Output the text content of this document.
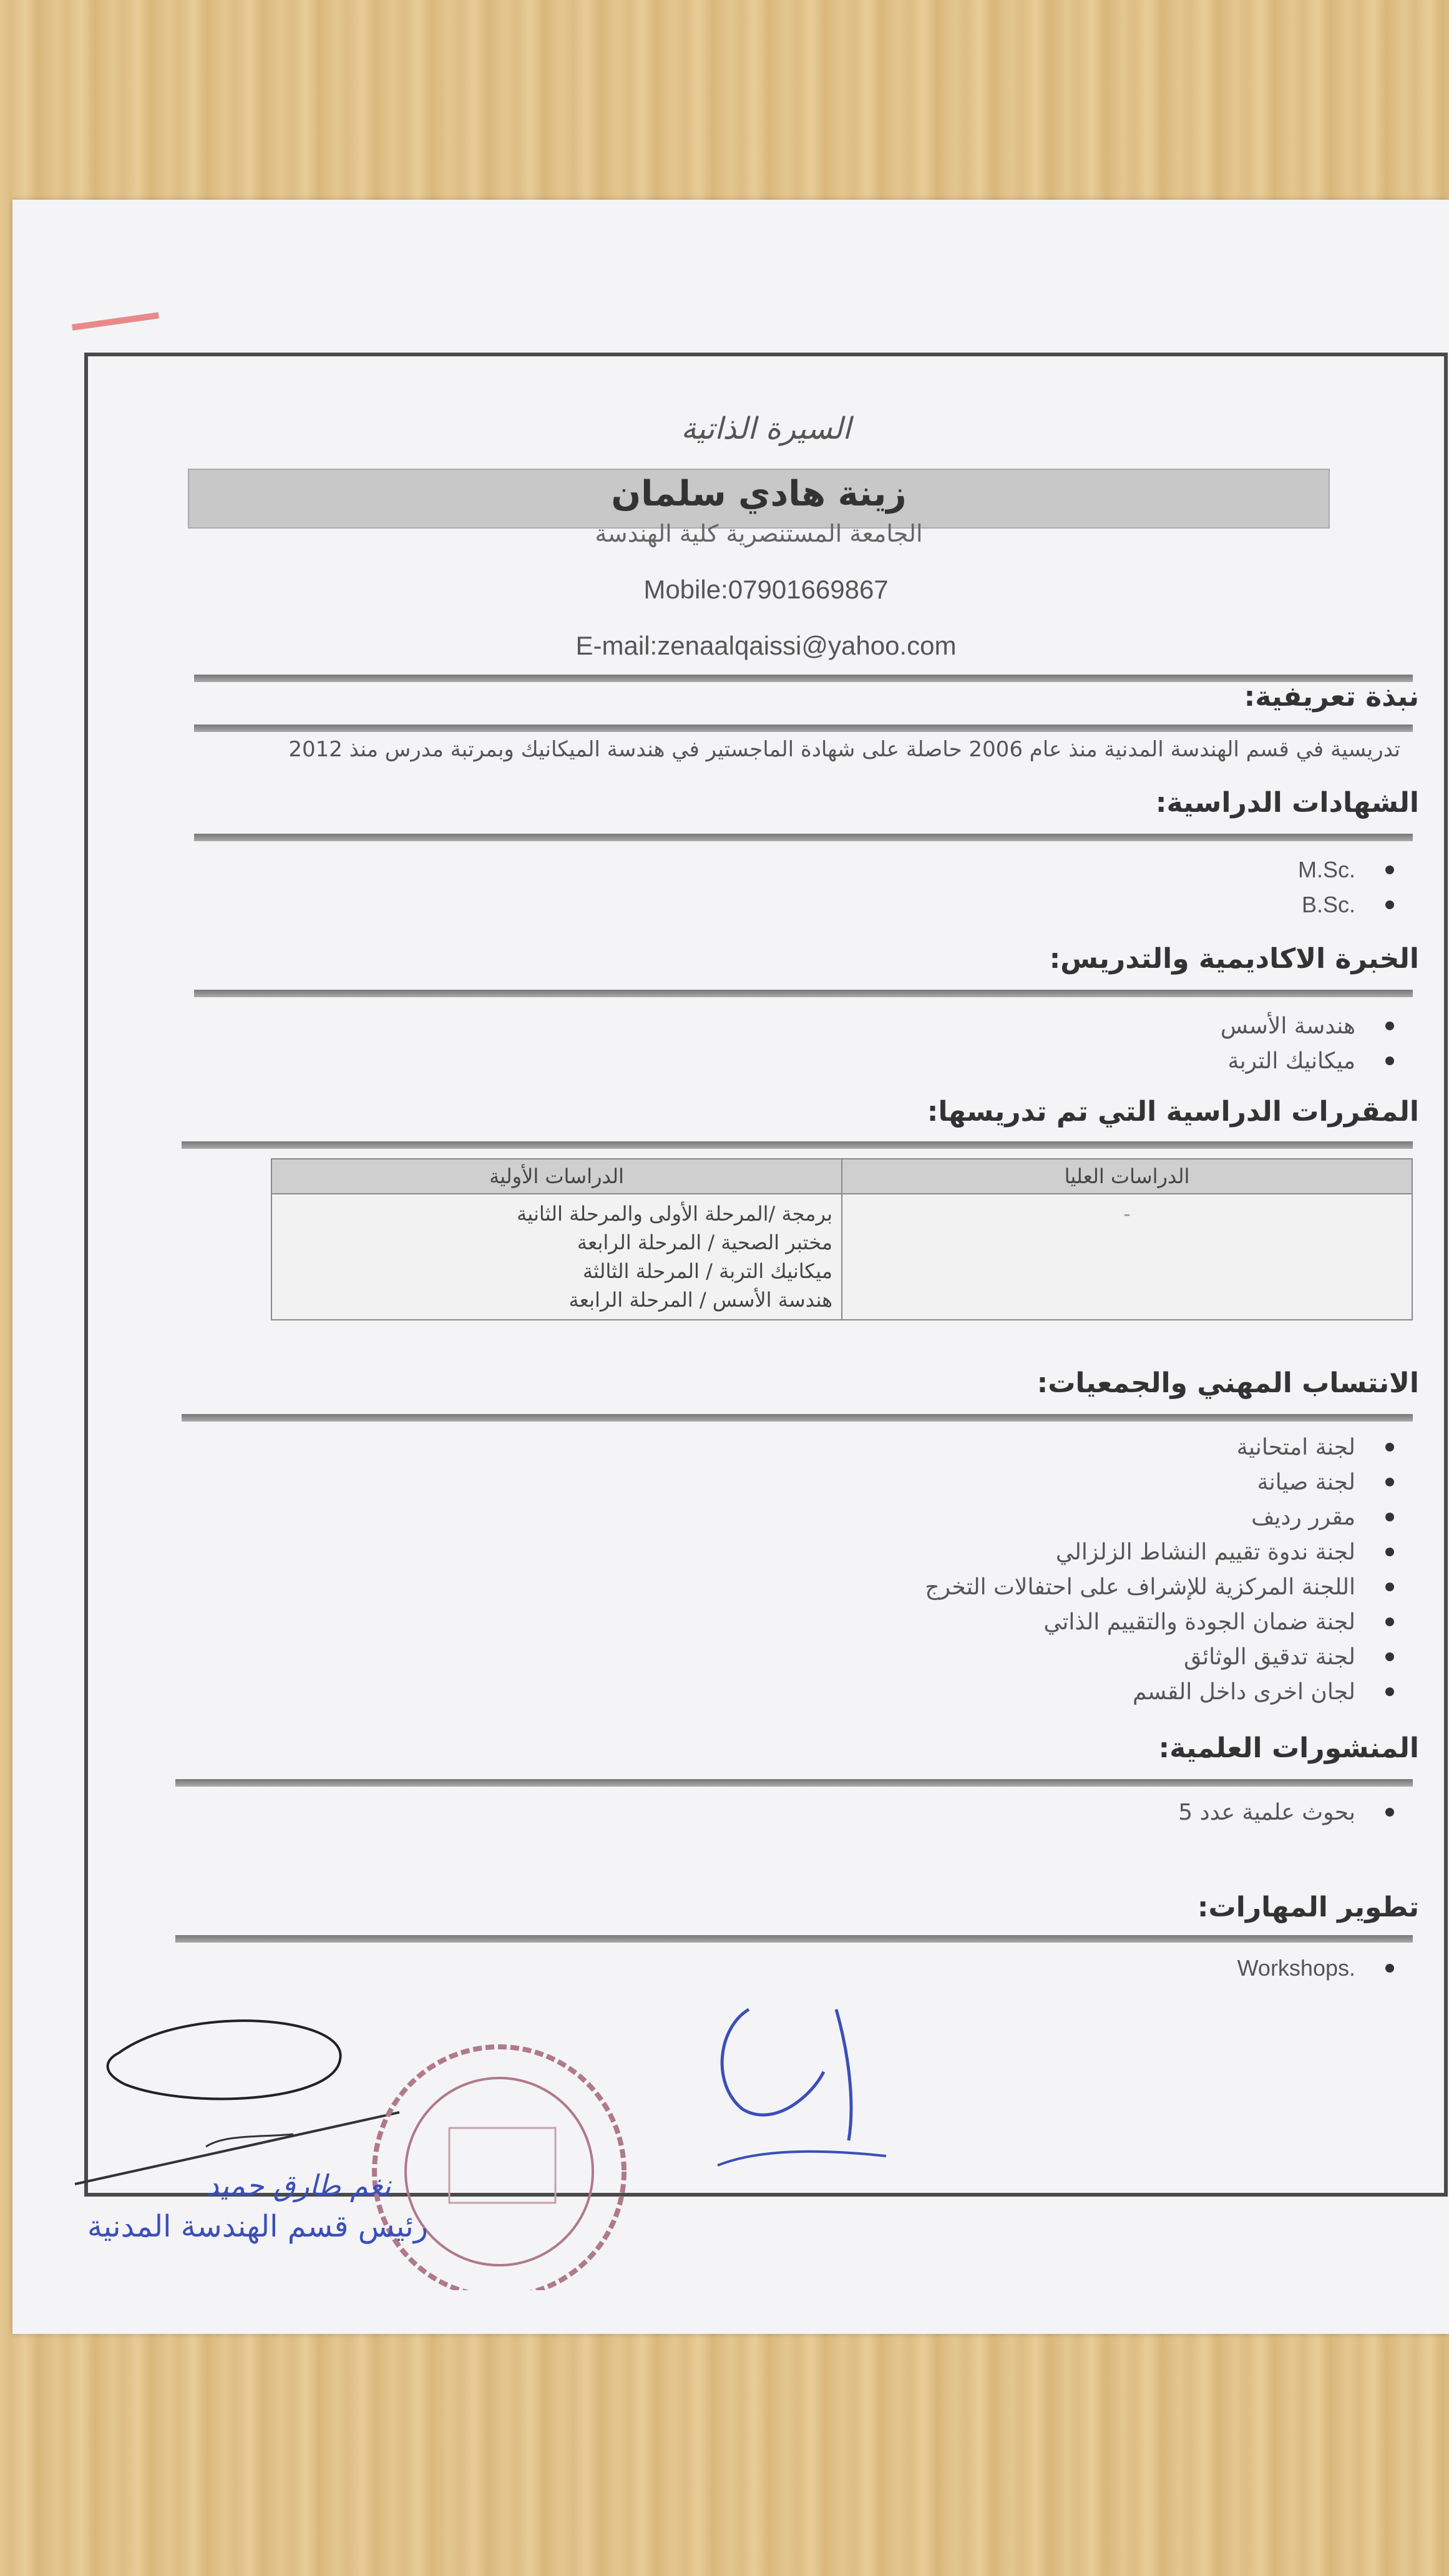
السيرة الذاتية
زينة هادي سلمان
الجامعة المستنصرية كلية الهندسة
Mobile:07901669867
E-mail:zenaalqaissi@yahoo.com
نبذة تعريفية:
تدريسية في قسم الهندسة المدنية منذ عام 2006 حاصلة على شهادة الماجستير في هندسة الميكانيك وبمرتبة مدرس منذ 2012
الشهادات الدراسية:
M.Sc.
B.Sc.
الخبرة الاكاديمية والتدريس:
هندسة الأسس
ميكانيك التربة
المقررات الدراسية التي تم تدريسها:
الدراسات العليا	الدراسات الأولية
-	برمجة /المرحلة الأولى والمرحلة الثانية
مختبر الصحية / المرحلة الرابعة
ميكانيك التربة / المرحلة الثالثة
هندسة الأسس / المرحلة الرابعة
الانتساب المهني والجمعيات:
لجنة امتحانية
لجنة صيانة
مقرر رديف
لجنة ندوة تقييم النشاط الزلزالي
اللجنة المركزية للإشراف على احتفالات التخرج
لجنة ضمان الجودة والتقييم الذاتي
لجنة تدقيق الوثائق
لجان اخرى داخل القسم
المنشورات العلمية:
بحوث علمية عدد 5
تطوير المهارات:
Workshops.
نغم طارق حميد
رئيس قسم الهندسة المدنية
